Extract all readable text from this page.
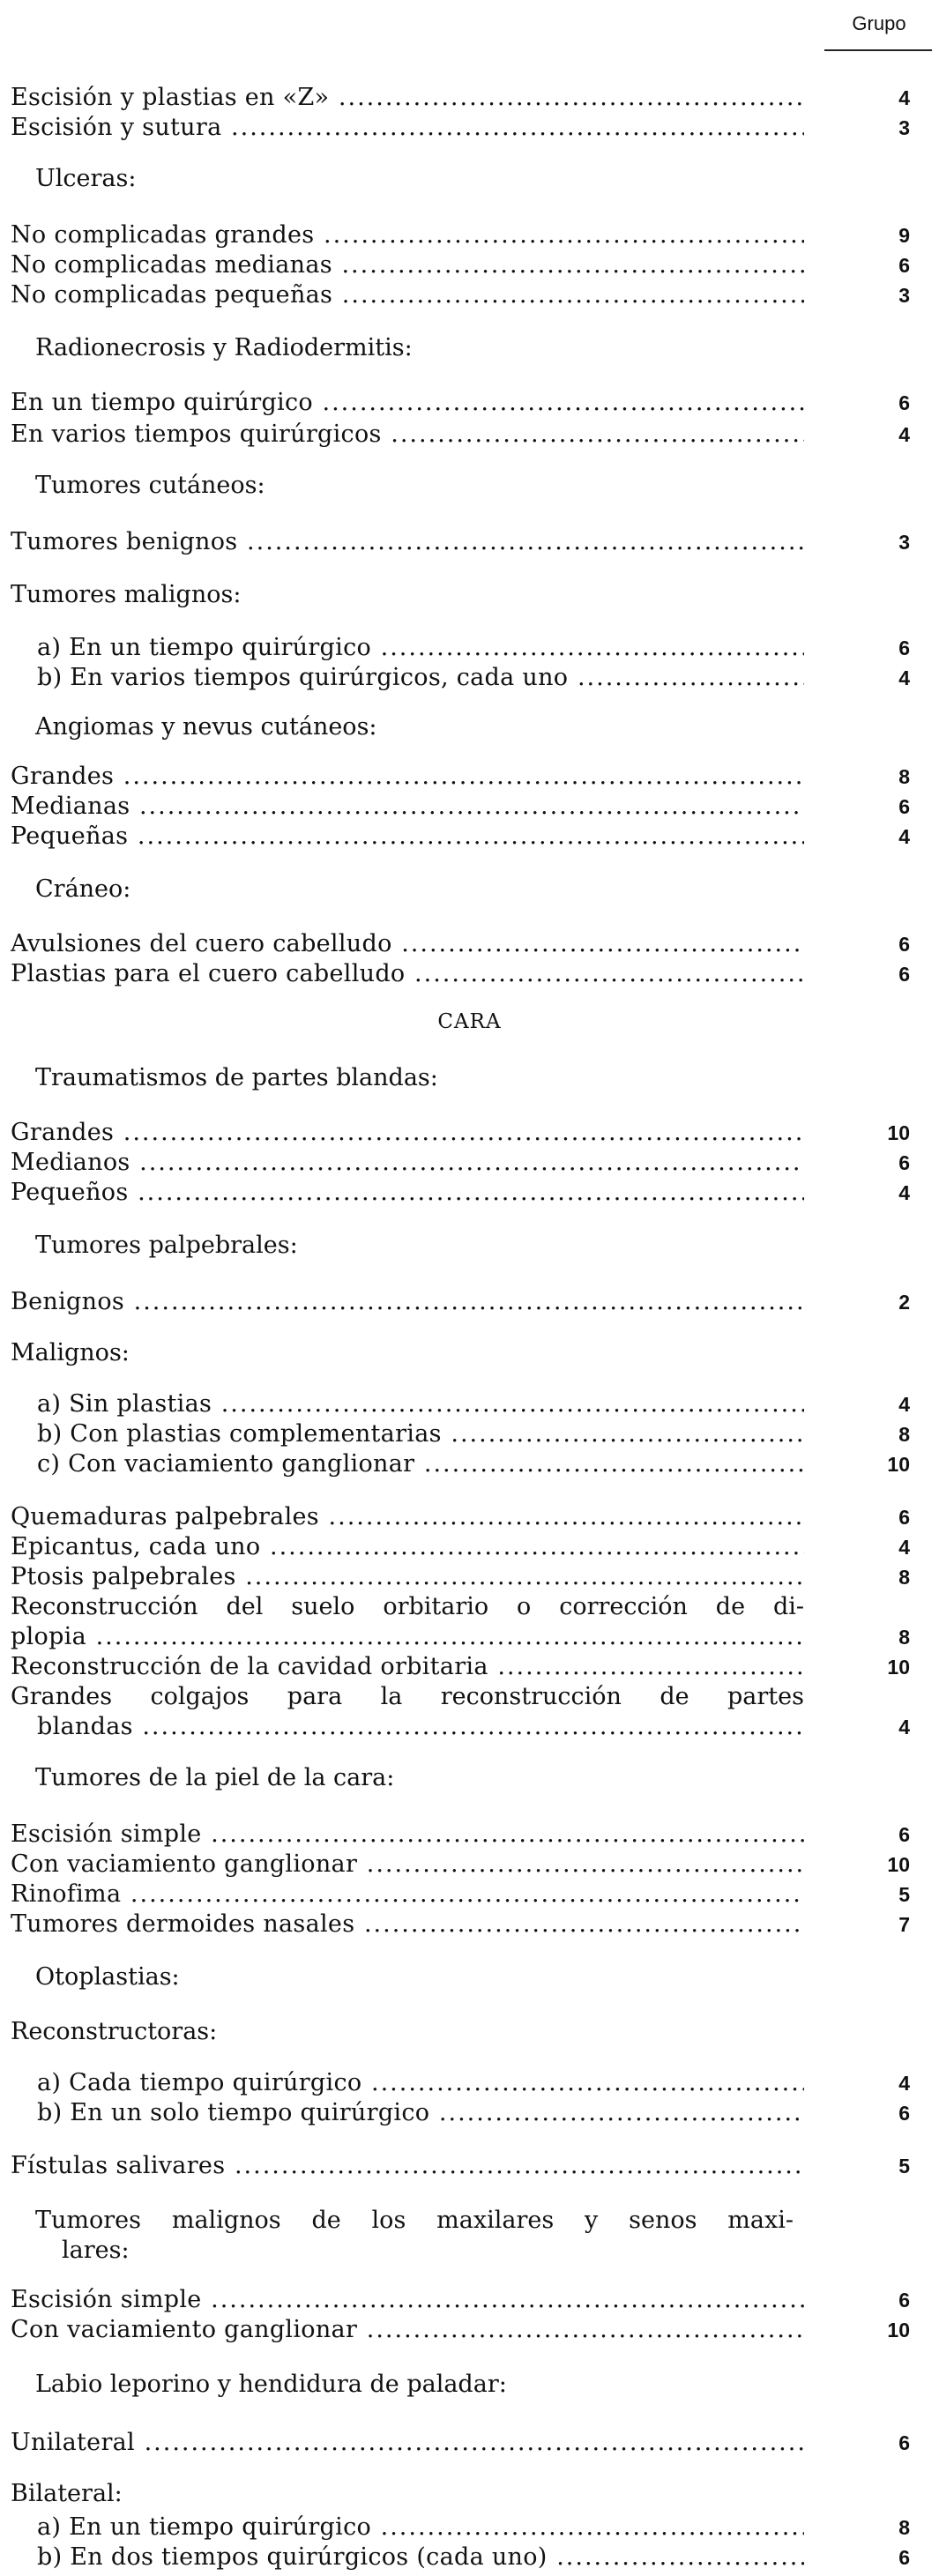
Grupo
Escisión y plastias en «Z» .....	4
Escisión y sutura .....	3
Ulceras:
No complicadas grandes .....	9
No complicadas medianas .....	6
No complicadas pequeñas .....	3
Radionecrosis y Radiodermitis:
En un tiempo quirúrgico .....	6
En varios tiempos quirúrgicos .....	4
Tumores cutáneos:
Tumores benignos .....	3
Tumores malignos:
a) En un tiempo quirúrgico .....	6
b) En varios tiempos quirúrgicos, cada uno .....	4
Angiomas y nevus cutáneos:
Grandes .....	8
Medianas .....	6
Pequeñas .....	4
Cráneo:
Avulsiones del cuero cabelludo .....	6
Plastias para el cuero cabelludo .....	6
CARA
Traumatismos de partes blandas:
Grandes .....	10
Medianos .....	6
Pequeños .....	4
Tumores palpebrales:
Benignos .....	2
Malignos:
a) Sin plastias .....	4
b) Con plastias complementarias .....	8
c) Con vaciamiento ganglionar .....	10
Quemaduras palpebrales .....	6
Epicantus, cada uno .....	4
Ptosis palpebrales .....	8
Reconstrucción del suelo orbitario o corrección de di-
plopia .....	8
Reconstrucción de la cavidad orbitaria .....	10
Grandes colgajos para la reconstrucción de partes
blandas .....	4
Tumores de la piel de la cara:
Escisión simple .....	6
Con vaciamiento ganglionar .....	10
Rinofima .....	5
Tumores dermoides nasales .....	7
Otoplastias:
Reconstructoras:
a) Cada tiempo quirúrgico .....	4
b) En un solo tiempo quirúrgico .....	6
Fístulas salivares .....	5
Tumores malignos de los maxilares y senos maxi-
lares:
Escisión simple .....	6
Con vaciamiento ganglionar .....	10
Labio leporino y hendidura de paladar:
Unilateral .....	6
Bilateral:
a) En un tiempo quirúrgico .....	8
b) En dos tiempos quirúrgicos (cada uno) .....	6
